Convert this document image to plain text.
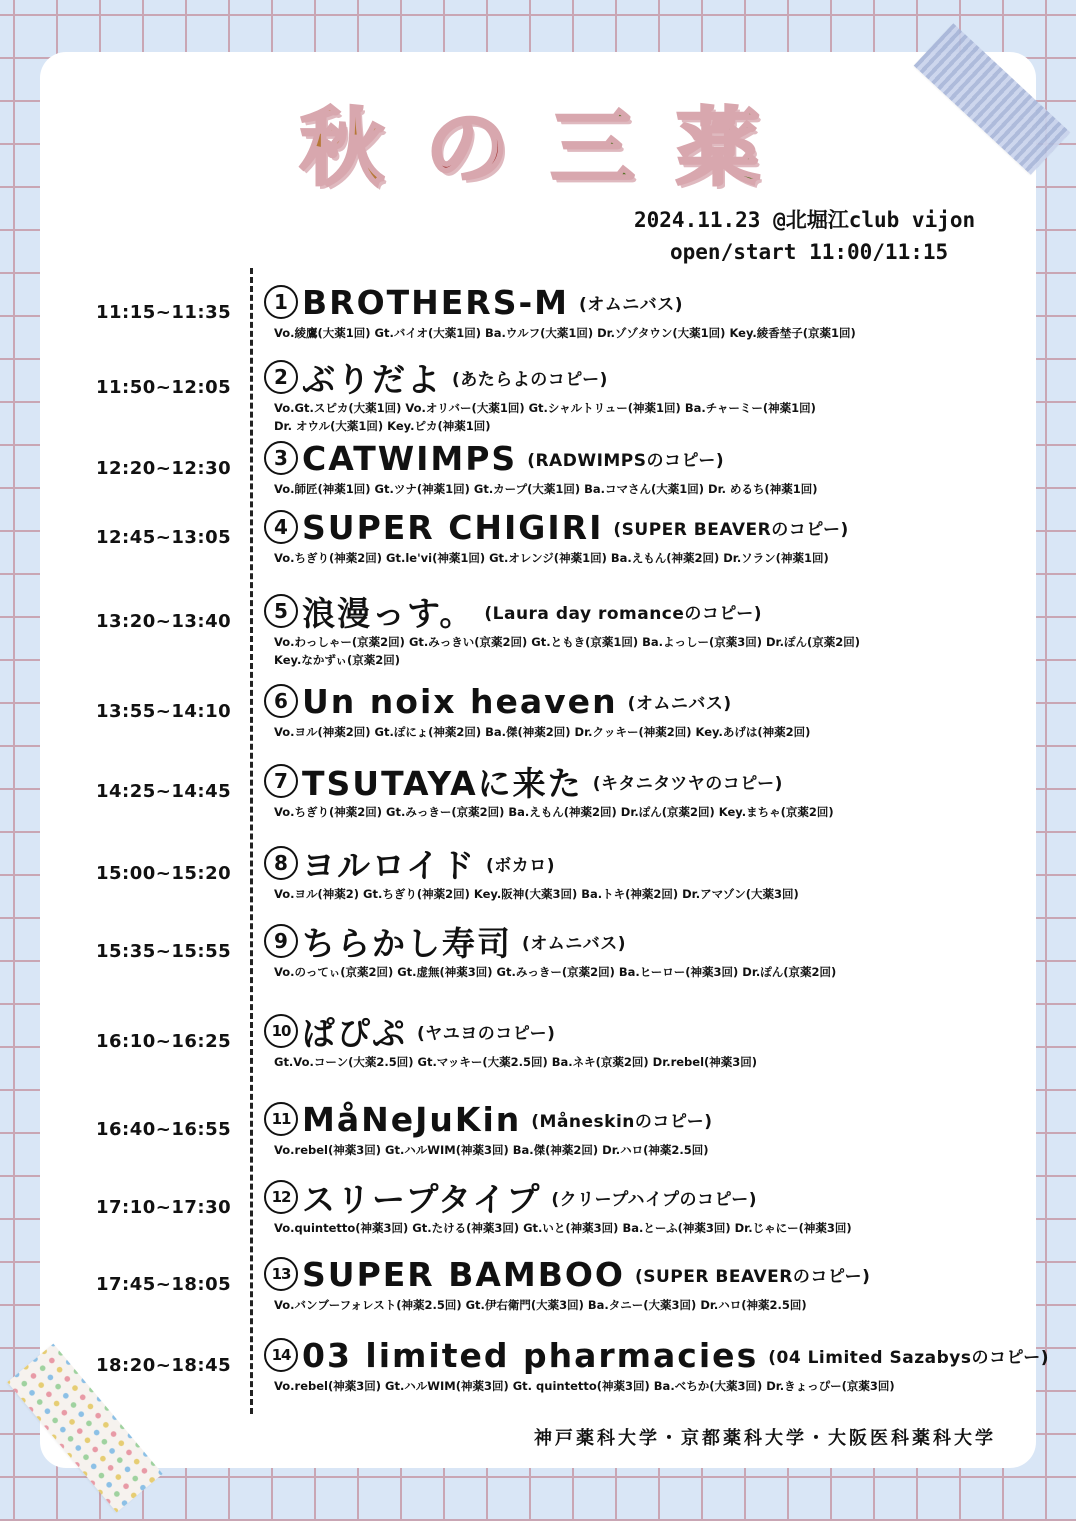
秋 の 三 薬
2024.11.23 @北堀江club vijon
open/start 11:00/11:15
11:15~11:35	1 BROTHERS-M (オムニバス)
Vo.綾鷹(大薬1回) Gt.バイオ(大薬1回) Ba.ウルフ(大薬1回) Dr.ゾゾタウン(大薬1回) Key.綾香埜子(京薬1回)
11:50~12:05	2 ぶりだよ (あたらよのコピー)
Vo.Gt.スピカ(大薬1回) Vo.オリバー(大薬1回) Gt.シャルトリュー(神薬1回) Ba.チャーミー(神薬1回)
Dr. オウル(大薬1回) Key.ピカ(神薬1回)
12:20~12:30	3 CATWIMPS (RADWIMPSのコピー)
Vo.師匠(神薬1回) Gt.ツナ(神薬1回) Gt.カープ(大薬1回) Ba.コマさん(大薬1回) Dr. めるち(神薬1回)
12:45~13:05	4 SUPER CHIGIRI (SUPER BEAVERのコピー)
Vo.ちぎり(神薬2回) Gt.le'vi(神薬1回) Gt.オレンジ(神薬1回) Ba.えもん(神薬2回) Dr.ソラン(神薬1回)
13:20~13:40	5 浪漫っす。 (Laura day romanceのコピー)
Vo.わっしゃー(京薬2回) Gt.みっきい(京薬2回) Gt.ともき(京薬1回) Ba.よっしー(京薬3回) Dr.ぽん(京薬2回)
Key.なかずぃ(京薬2回)
13:55~14:10	6 Un noix heaven (オムニバス)
Vo.ヨル(神薬2回) Gt.ぽにょ(神薬2回) Ba.傑(神薬2回) Dr.クッキー(神薬2回) Key.あげは(神薬2回)
14:25~14:45	7 TSUTAYAに来た (キタニタツヤのコピー)
Vo.ちぎり(神薬2回) Gt.みっきー(京薬2回) Ba.えもん(神薬2回) Dr.ぽん(京薬2回) Key.まちゃ(京薬2回)
15:00~15:20	8 ヨルロイド (ボカロ)
Vo.ヨル(神薬2) Gt.ちぎり(神薬2回) Key.阪神(大薬3回) Ba.トキ(神薬2回) Dr.アマゾン(大薬3回)
15:35~15:55	9 ちらかし寿司 (オムニバス)
Vo.のってぃ(京薬2回) Gt.虚無(神薬3回) Gt.みっきー(京薬2回) Ba.ヒーロー(神薬3回) Dr.ぽん(京薬2回)
16:10~16:25	10 ぱぴぷ (ヤユヨのコピー)
Gt.Vo.コーン(大薬2.5回) Gt.マッキー(大薬2.5回) Ba.ネキ(京薬2回) Dr.rebel(神薬3回)
16:40~16:55	11 MåNeJuKin (Måneskinのコピー)
Vo.rebel(神薬3回) Gt.ハルWIM(神薬3回) Ba.傑(神薬2回) Dr.ハロ(神薬2.5回)
17:10~17:30	12 スリープタイプ (クリープハイプのコピー)
Vo.quintetto(神薬3回) Gt.たける(神薬3回) Gt.いと(神薬3回) Ba.とーふ(神薬3回) Dr.じゃにー(神薬3回)
17:45~18:05	13 SUPER BAMBOO (SUPER BEAVERのコピー)
Vo.バンブーフォレスト(神薬2.5回) Gt.伊右衛門(大薬3回) Ba.タニー(大薬3回) Dr.ハロ(神薬2.5回)
18:20~18:45	14 03 limited pharmacies (04 Limited Sazabysのコピー)
Vo.rebel(神薬3回) Gt.ハルWIM(神薬3回) Gt. quintetto(神薬3回) Ba.べちか(大薬3回) Dr.きょっぴー(京薬3回)
神戸薬科大学・京都薬科大学・大阪医科薬科大学
